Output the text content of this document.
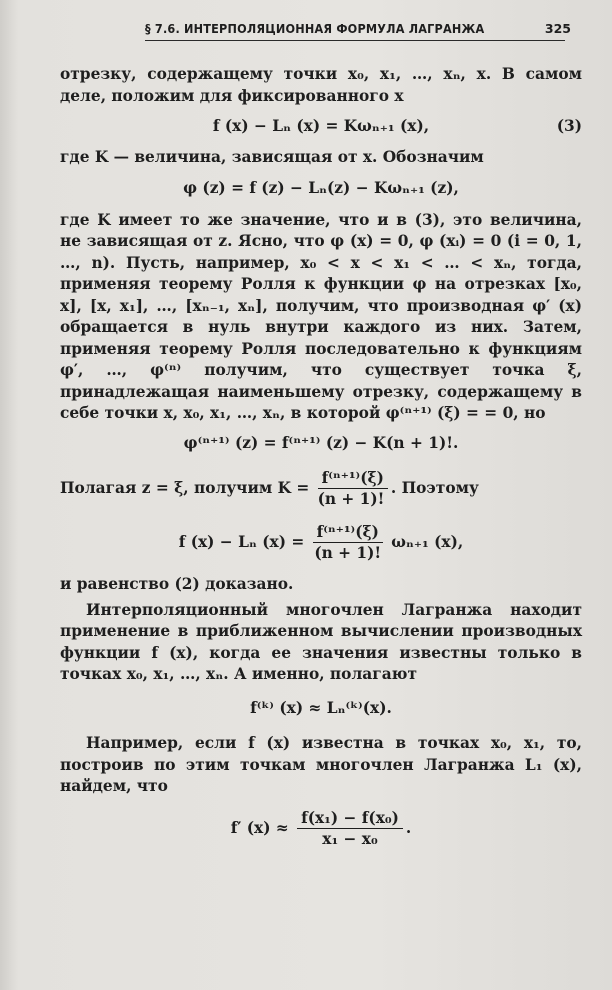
§ 7.6. ИНТЕРПОЛЯЦИОННАЯ ФОРМУЛА ЛАГРАНЖА	325

отрезку, содержащему точки x₀, x₁, …, xₙ, x. В самом деле, положим для фиксированного x

f (x) − Lₙ (x) = Kωₙ₊₁ (x),	(3)

где K — величина, зависящая от x. Обозначим

φ (z) = f (z) − Lₙ(z) − Kωₙ₊₁ (z),

где K имеет то же значение, что и в (3), это величина, не зависящая от z. Ясно, что φ (x) = 0, φ (xᵢ) = 0 (i = 0, 1, …, n). Пусть, например, x₀ < x < x₁ < … < xₙ, тогда, применяя теорему Ролля к функции φ на отрезках [x₀, x], [x, x₁], …, [xₙ₋₁, xₙ], получим, что производная φ′ (x) обращается в нуль внутри каждого из них. Затем, применяя теорему Ролля последовательно к функциям φ′, …, φ⁽ⁿ⁾ получим, что существует точка ξ, принадлежащая наименьшему отрезку, содержащему в себе точки x, x₀, x₁, …, xₙ, в которой φ⁽ⁿ⁺¹⁾ (ξ) = = 0, но

φ⁽ⁿ⁺¹⁾ (z) = f⁽ⁿ⁺¹⁾ (z) − K(n + 1)!.

Полагая z = ξ, получим $K = \frac{\text{f⁽ⁿ⁺¹⁾(ξ)}}{(n + 1)!}$ . Поэтому

f (x) − Lₙ $(x) = \frac{\text{f⁽ⁿ⁺¹⁾(ξ)}}{(n + 1)!} \omega_{n+1}$ (x),

и равенство (2) доказано.

Интерполяционный многочлен Лагранжа находит применение в приближенном вычислении производных функции f (x), когда ее значения известны только в точках x₀, x₁, …, xₙ. А именно, полагают

f⁽ᵏ⁾ (x) ≈ Lₙ⁽ᵏ⁾(x).

Например, если f (x) известна в точках x₀, x₁, то, построив по этим точкам многочлен Лагранжа L₁ (x), найдем, что

f′ $(x) \approx \frac{\text{f(x₁) − f(x₀)}}{\text{x₁ − x₀}}$ .
